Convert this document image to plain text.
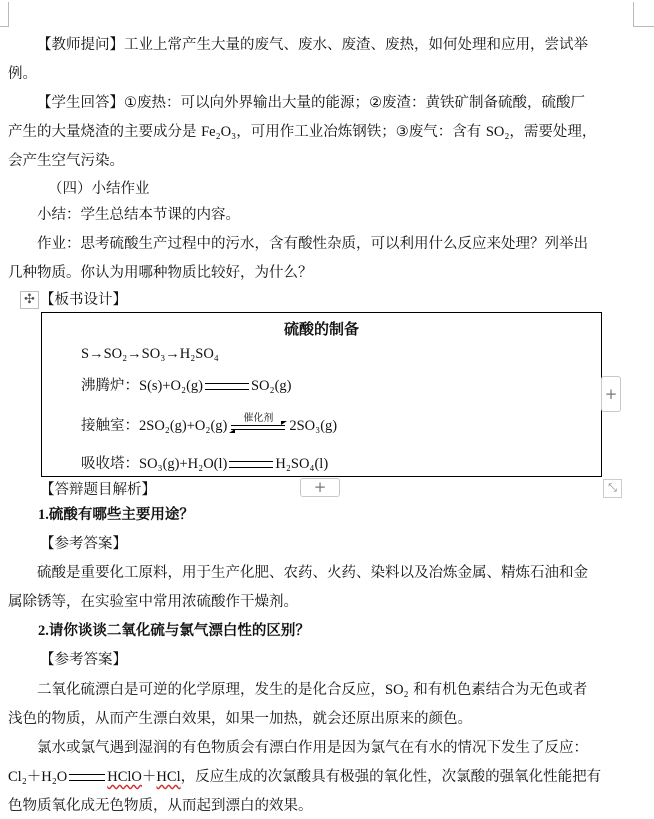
【教师提问】工业上常产生大量的废气、废水、废渣、废热，如何处理和应用，尝试举
例。
【学生回答】①废热：可以向外界输出大量的能源；②废渣：黄铁矿制备硫酸，硫酸厂
产生的大量烧渣的主要成分是 Fe₂O₃，可用作工业冶炼钢铁；③废气：含有 SO₂，需要处理，
会产生空气污染。
（四）小结作业
小结：学生总结本节课的内容。
作业：思考硫酸生产过程中的污水，含有酸性杂质，可以利用什么反应来处理？列举出
几种物质。你认为用哪种物质比较好，为什么？
✣ 【板书设计】
硫酸的制备
S→SO₂→SO₃→H₂SO₄
沸腾炉：S(s)+O₂(g)	SO₂(g)
接触室：2SO₂(g)+O₂(g)	催化剂	2SO₃(g)
吸收塔：SO₃(g)+H₂O(l)	H₂SO₄(l)
+
+	⤡
【答辩题目解析】
1.硫酸有哪些主要用途？
【参考答案】
硫酸是重要化工原料，用于生产化肥、农药、火药、染料以及冶炼金属、精炼石油和金
属除锈等，在实验室中常用浓硫酸作干燥剂。
2.请你谈谈二氧化硫与氯气漂白性的区别？
【参考答案】
二氧化硫漂白是可逆的化学原理，发生的是化合反应，SO₂ 和有机色素结合为无色或者
浅色的物质，从而产生漂白效果，如果一加热，就会还原出原来的颜色。
氯水或氯气遇到湿润的有色物质会有漂白作用是因为氯气在有水的情况下发生了反应：
Cl₂＋H₂O	HClO＋HCl，反应生成的次氯酸具有极强的氧化性，次氯酸的强氧化性能把有
色物质氧化成无色物质，从而起到漂白的效果。
